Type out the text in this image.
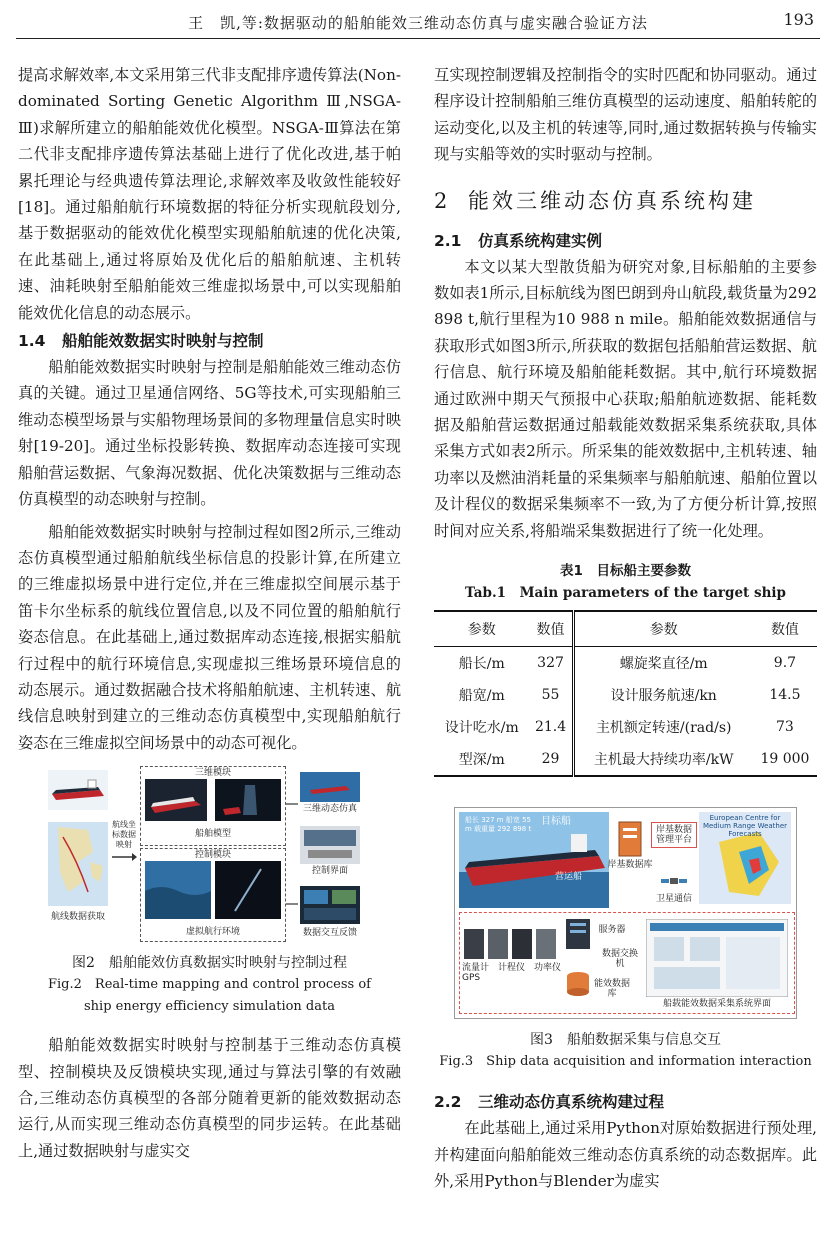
王　凯,等:数据驱动的船舶能效三维动态仿真与虚实融合验证方法	193

提高求解效率,本文采用第三代非支配排序遗传算法(Non-dominated Sorting Genetic Algorithm Ⅲ,NSGA-Ⅲ)求解所建立的船舶能效优化模型。NSGA-Ⅲ算法在第二代非支配排序遗传算法基础上进行了优化改进,基于帕累托理论与经典遗传算法理论,求解效率及收敛性能较好[18]。通过船舶航行环境数据的特征分析实现航段划分,基于数据驱动的能效优化模型实现船舶航速的优化决策,在此基础上,通过将原始及优化后的船舶航速、主机转速、油耗映射至船舶能效三维虚拟场景中,可以实现船舶能效优化信息的动态展示。

1.4 船舶能效数据实时映射与控制

船舶能效数据实时映射与控制是船舶能效三维动态仿真的关键。通过卫星通信网络、5G等技术,可实现船舶三维动态模型场景与实船物理场景间的多物理量信息实时映射[19-20]。通过坐标投影转换、数据库动态连接可实现船舶营运数据、气象海况数据、优化决策数据与三维动态仿真模型的动态映射与控制。

船舶能效数据实时映射与控制过程如图2所示,三维动态仿真模型通过船舶航线坐标信息的投影计算,在所建立的三维虚拟场景中进行定位,并在三维虚拟空间展示基于笛卡尔坐标系的航线位置信息,以及不同位置的船舶航行姿态信息。在此基础上,通过数据库动态连接,根据实船航行过程中的航行环境信息,实现虚拟三维场景环境信息的动态展示。通过数据融合技术将船舶航速、主机转速、航线信息映射到建立的三维动态仿真模型中,实现船舶航行姿态在三维虚拟空间场景中的动态可视化。

航线数据获取
航线坐标数据映射
三维模块
船舶模型
控制模块
虚拟航行环境
三维动态仿真
控制界面
数据交互反馈

图2　船舶能效仿真数据实时映射与控制过程

Fig.2　Real-time mapping and control process of ship energy efficiency simulation data

船舶能效数据实时映射与控制基于三维动态仿真模型、控制模块及反馈模块实现,通过与算法引擎的有效融合,三维动态仿真模型的各部分随着更新的能效数据动态运行,从而实现三维动态仿真模型的同步运转。在此基础上,通过数据映射与虚实交

互实现控制逻辑及控制指令的实时匹配和协同驱动。通过程序设计控制船舶三维仿真模型的运动速度、船舶转舵的运动变化,以及主机的转速等,同时,通过数据转换与传输实现与实船等效的实时驱动与控制。

2 能效三维动态仿真系统构建
2.1 仿真系统构建实例

本文以某大型散货船为研究对象,目标船舶的主要参数如表1所示,目标航线为图巴朗到舟山航段,载货量为292 898 t,航行里程为10 988 n mile。船舶能效数据通信与获取形式如图3所示,所获取的数据包括船舶营运数据、航行信息、航行环境及船舶能耗数据。其中,航行环境数据通过欧洲中期天气预报中心获取;船舶航迹数据、能耗数据及船舶营运数据通过船载能效数据采集系统获取,具体采集方式如表2所示。所采集的能效数据中,主机转速、轴功率以及燃油消耗量的采集频率与船舶航速、船舶位置以及计程仪的数据采集频率不一致,为了方便分析计算,按照时间对应关系,将船端采集数据进行了统一化处理。

表1　目标船主要参数

Tab.1　Main parameters of the target ship

参数	数值	参数	数值
船长/m	327	螺旋桨直径/m	9.7
船宽/m	55	设计服务航速/kn	14.5
设计吃水/m	21.4	主机额定转速/(rad/s)	73
型深/m	29	主机最大持续功率/kW	19 000
船长 327 m 船宽 55 m 载重量 292 898 t
目标船
营运船
岸基数据库
岸基数据管理平台
European Centre for Medium Range Weather Forecasts
卫星通信
流量计　计程仪　功率仪　GPS
服务器
数据交换机
能效数据库
船载能效数据采集系统界面

图3　船舶数据采集与信息交互

Fig.3　Ship data acquisition and information interaction

2.2 三维动态仿真系统构建过程

在此基础上,通过采用Python对原始数据进行预处理,并构建面向船舶能效三维动态仿真系统的动态数据库。此外,采用Python与Blender为虚实
